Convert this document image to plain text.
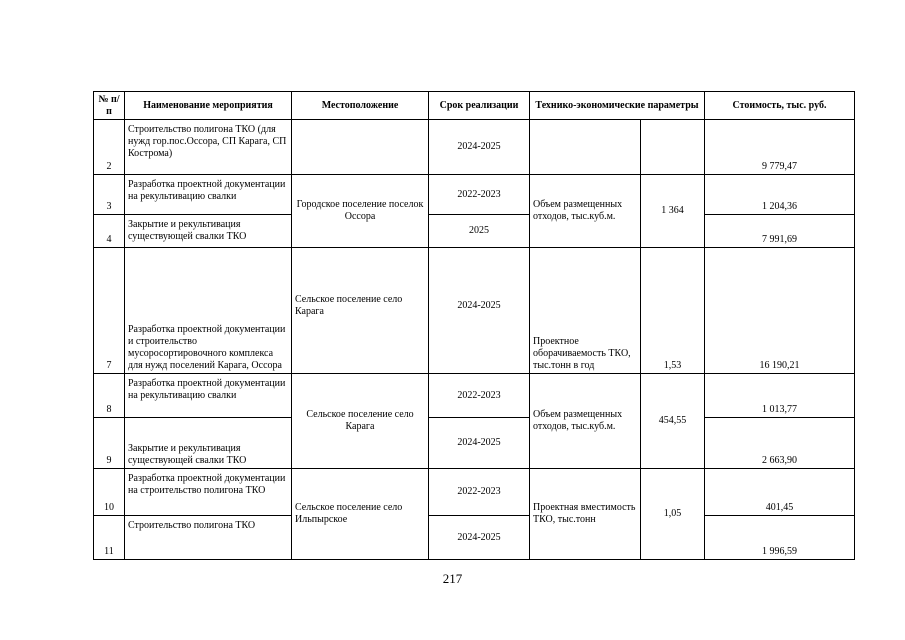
№ п/п	Наименование мероприятия	Местоположение	Срок реализации	Технико-экономические параметры		Стоимость, тыс. руб.
2	Строительство полигона ТКО (для нужд гор.пос.Оссора, СП Карага, СП Кострома)		2024-2025			9 779,47
3	Разработка проектной документации на рекультивацию свалки	Городское поселение поселок Оссора	2022-2023	Объем размещенных отходов, тыс.куб.м.	1 364	1 204,36
4	Закрытие и рекультивация существующей свалки ТКО		2025			7 991,69
7	Разработка проектной документации и строительство мусоросортировочного комплекса для нужд поселений Карага, Оссора	Сельское поселение село Карага	2024-2025	Проектное оборачиваемость ТКО, тыс.тонн в год	1,53	16 190,21
8	Разработка проектной документации на рекультивацию свалки	Сельское поселение село Карага	2022-2023	Объем размещенных отходов, тыс.куб.м.	454,55	1 013,77
9	Закрытие и рекультивация существующей свалки ТКО		2024-2025			2 663,90
10	Разработка проектной документации на строительство полигона ТКО	Сельское поселение село Ильпырское	2022-2023	Проектная вместимость ТКО, тыс.тонн	1,05	401,45
11	Строительство полигона ТКО		2024-2025			1 996,59
217
